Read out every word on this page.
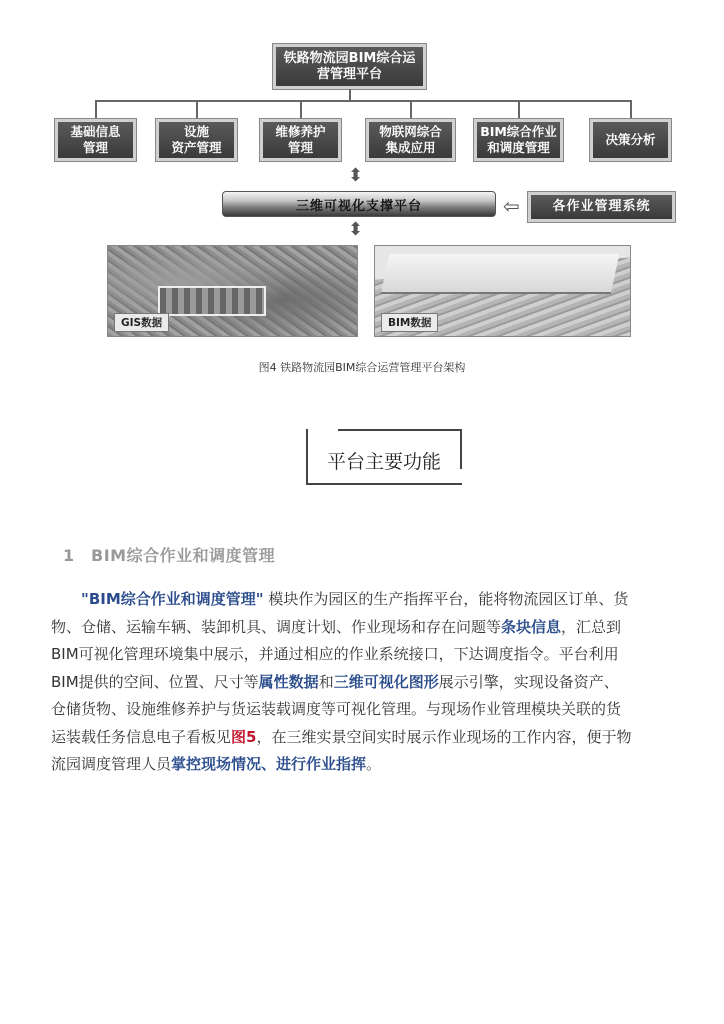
铁路物流园BIM综合运
营管理平台
基础信息
管理
设施
资产管理
维修养护
管理
物联网综合
集成应用
BIM综合作业
和调度管理
决策分析
⬍
⬍
⇦
三维可视化支撑平台	各作业管理系统
GIS数据	BIM数据
图4 铁路物流园BIM综合运营管理平台架构
平台主要功能
1 BIM综合作业和调度管理
"BIM综合作业和调度管理" 模块作为园区的生产指挥平台，能将物流园区订单、货
物、仓储、运输车辆、装卸机具、调度计划、作业现场和存在问题等条块信息，汇总到
BIM可视化管理环境集中展示，并通过相应的作业系统接口，下达调度指令。平台利用
BIM提供的空间、位置、尺寸等属性数据和三维可视化图形展示引擎，实现设备资产、
仓储货物、设施维修养护与货运装载调度等可视化管理。与现场作业管理模块关联的货
运装载任务信息电子看板见图5，在三维实景空间实时展示作业现场的工作内容，便于物
流园调度管理人员掌控现场情况、进行作业指挥。
